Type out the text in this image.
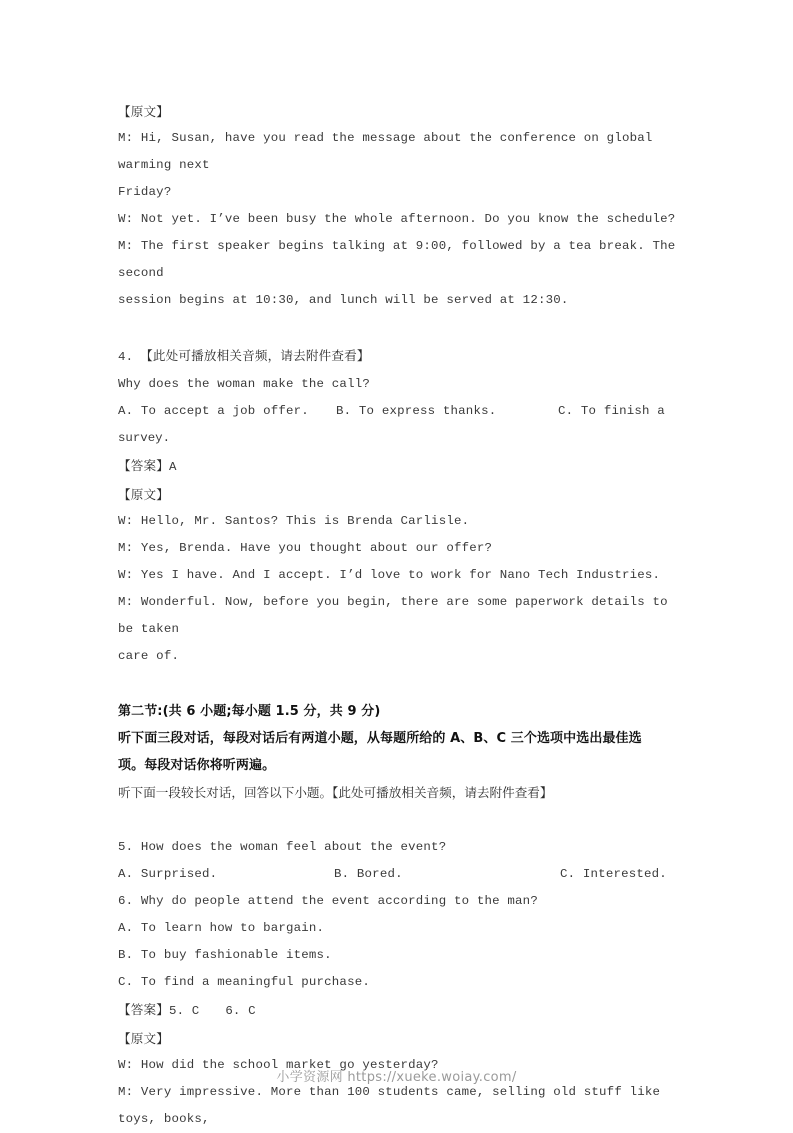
【原文】
M: Hi, Susan, have you read the message about the conference on global warming next
Friday?
W: Not yet. I’ve been busy the whole afternoon. Do you know the schedule?
M: The first speaker begins talking at 9:00, followed by a tea break. The second
session begins at 10:30, and lunch will be served at 12:30.
4. 【此处可播放相关音频，请去附件查看】
Why does the woman make the call?
A. To accept a job offer.	B. To express thanks.	C. To finish a
survey.
【答案】A
【原文】
W: Hello, Mr. Santos? This is Brenda Carlisle.
M: Yes, Brenda. Have you thought about our offer?
W: Yes I have. And I accept. I’d love to work for Nano Tech Industries.
M: Wonderful. Now, before you begin, there are some paperwork details to be taken
care of.
第二节:(共 6 小题;每小题 1.5 分，共 9 分)
听下面三段对话，每段对话后有两道小题，从每题所给的 A、B、C 三个选项中选出最佳选
项。每段对话你将听两遍。
听下面一段较长对话，回答以下小题。【此处可播放相关音频，请去附件查看】
5. How does the woman feel about the event?
A. Surprised.	B. Bored.	C. Interested.
6. Why do people attend the event according to the man?
A. To learn how to bargain.
B. To buy fashionable items.
C. To find a meaningful purchase.
【答案】5. C 6. C
【原文】
W: How did the school market go yesterday?
M: Very impressive. More than 100 students came, selling old stuff like toys, books,
小学资源网 https://xueke.woiay.com/
